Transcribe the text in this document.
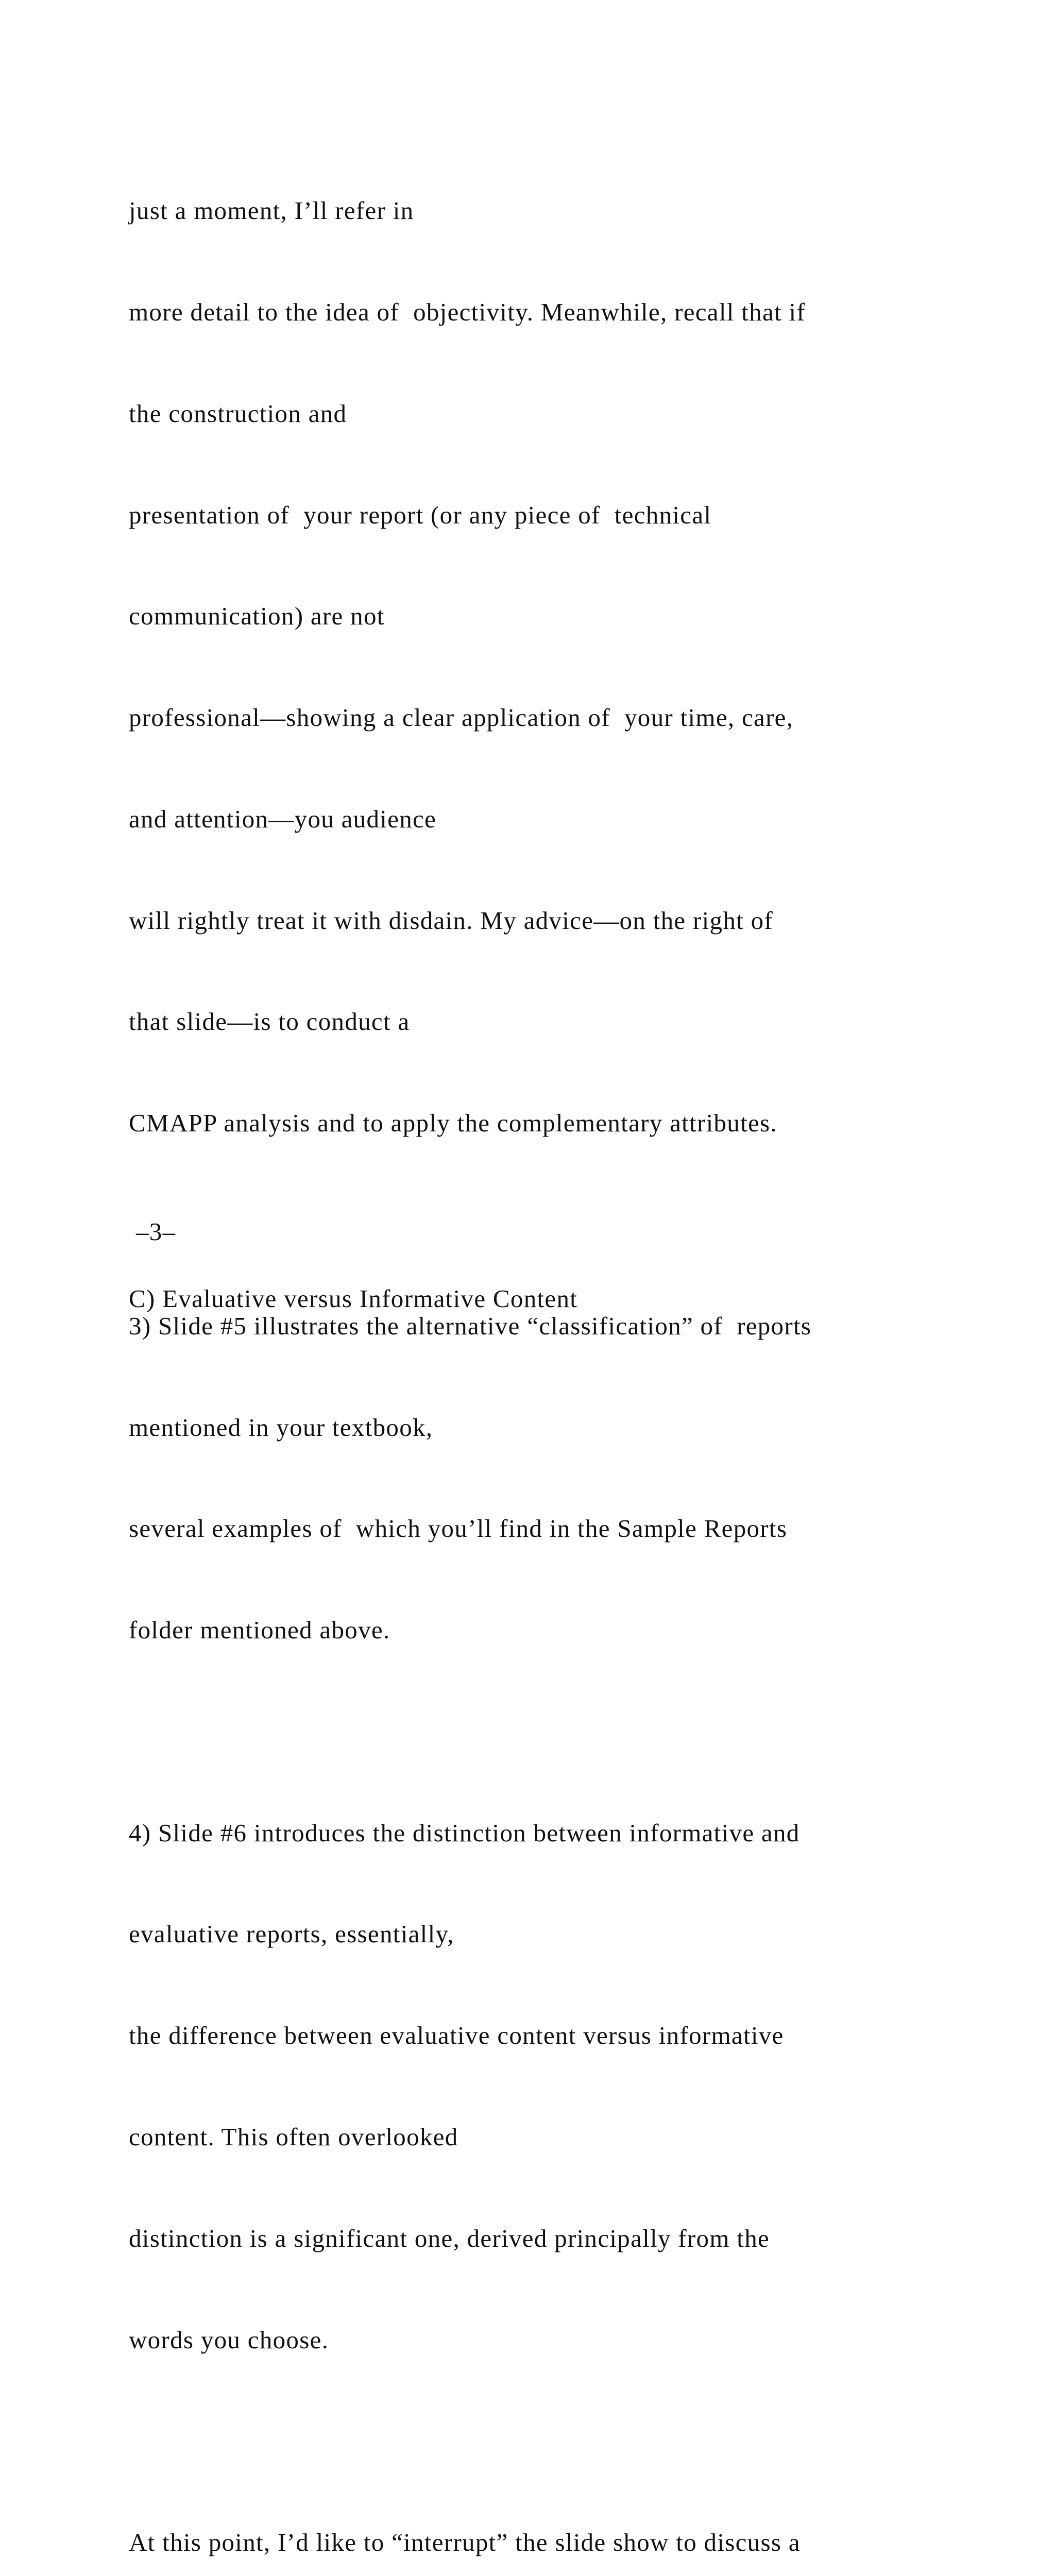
just a moment, I’ll refer in

more detail to the idea of  objectivity. Meanwhile, recall that if

the construction and

presentation of  your report (or any piece of  technical

communication) are not

professional—showing a clear application of  your time, care,

and attention—you audience

will rightly treat it with disdain. My advice—on the right of

that slide—is to conduct a

CMAPP analysis and to apply the complementary attributes.

3) Slide #5 illustrates the alternative “classification” of  reports

mentioned in your textbook,

several examples of  which you’ll find in the Sample Reports

folder mentioned above.

4) Slide #6 introduces the distinction between informative and

evaluative reports, essentially,

the difference between evaluative content versus informative

content. This often overlooked

distinction is a significant one, derived principally from the

words you choose.

At this point, I’d like to “interrupt” the slide show to discuss a

–3–
C) Evaluative versus Informative Content
